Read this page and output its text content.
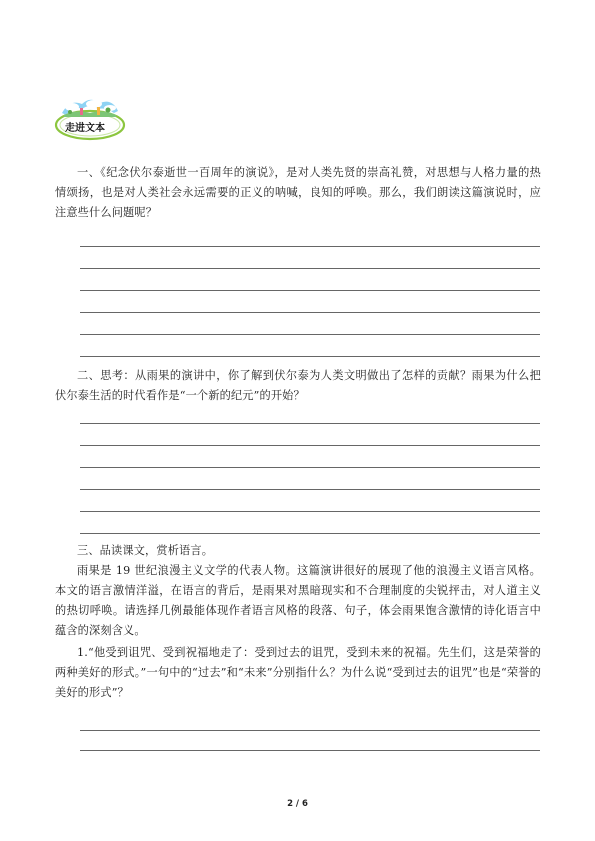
走进文本
一、《纪念伏尔泰逝世一百周年的演说》，是对人类先贤的崇高礼赞，对思想与人格力量的热情颂扬，也是对人类社会永远需要的正义的呐喊，良知的呼唤。那么，我们朗读这篇演说时，应注意些什么问题呢？
二、思考：从雨果的演讲中，你了解到伏尔泰为人类文明做出了怎样的贡献？雨果为什么把伏尔泰生活的时代看作是“一个新的纪元”的开始？
三、品读课文，赏析语言。
雨果是 19 世纪浪漫主义文学的代表人物。这篇演讲很好的展现了他的浪漫主义语言风格。本文的语言激情洋溢，在语言的背后，是雨果对黑暗现实和不合理制度的尖锐抨击，对人道主义的热切呼唤。请选择几例最能体现作者语言风格的段落、句子，体会雨果饱含激情的诗化语言中蕴含的深刻含义。
1.“他受到诅咒、受到祝福地走了：受到过去的诅咒，受到未来的祝福。先生们，这是荣誉的两种美好的形式。”一句中的“过去”和“未来”分别指什么？为什么说“受到过去的诅咒”也是“荣誉的美好的形式”？
2 / 6
